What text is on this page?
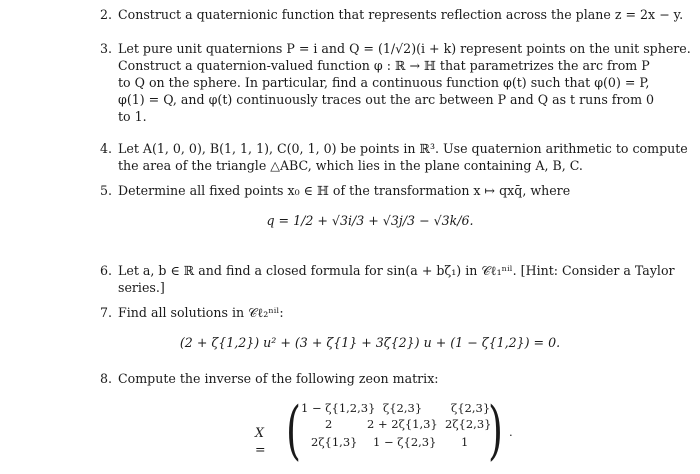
2. Construct a quaternionic function that represents reflection across the plane z = 2x − y.
3. Let pure unit quaternions P = i and Q = (1/√2)(i + k) represent points on the unit sphere.
Construct a quaternion-valued function φ : ℝ → ℍ that parametrizes the arc from P
to Q on the sphere. In particular, find a continuous function φ(t) such that φ(0) = P,
φ(1) = Q, and φ(t) continuously traces out the arc between P and Q as t runs from 0
to 1.
4. Let A(1, 0, 0), B(1, 1, 1), C(0, 1, 0) be points in ℝ³. Use quaternion arithmetic to compute
the area of the triangle △ABC, which lies in the plane containing A, B, C.
5. Determine all fixed points x₀ ∈ ℍ of the transformation x ↦ qxq̄, where
q = 1/2 + √3i/3 + √3j/3 − √3k/6.
6. Let a, b ∈ ℝ and find a closed formula for sin(a + bζ₁) in 𝒞ℓ₁ⁿⁱˡ. [Hint: Consider a Taylor
series.]
7. Find all solutions in 𝒞ℓ₂ⁿⁱˡ:
(2 + ζ{1,2}) u² + (3 + ζ{1} + 3ζ{2}) u + (1 − ζ{1,2}) = 0.
8. Compute the inverse of the following zeon matrix:
X = ( 1 − ζ{1,2,3} ζ{2,3}	ζ{2,3}
2	2 + 2ζ{1,3} 2ζ{2,3}
2ζ{1,3} 1 − ζ{2,3} 1 ) .
